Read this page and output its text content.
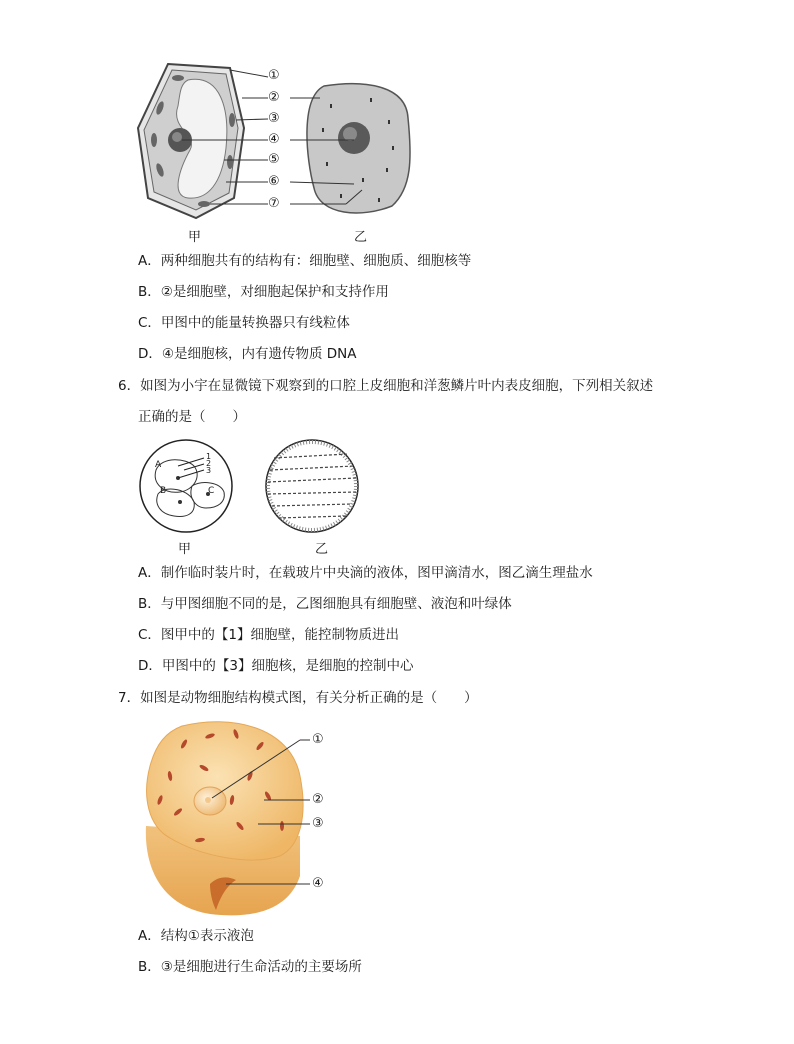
①
②
③
④
⑤
⑥
⑦
甲	乙
A．两种细胞共有的结构有：细胞壁、细胞质、细胞核等
B．②是细胞壁，对细胞起保护和支持作用
C．甲图中的能量转换器只有线粒体
D．④是细胞核，内有遗传物质 DNA
6．如图为小宇在显微镜下观察到的口腔上皮细胞和洋葱鳞片叶内表皮细胞，下列相关叙述
正确的是（　　）
A
B	C
1
2
3
甲	乙
A．制作临时装片时，在载玻片中央滴的液体，图甲滴清水，图乙滴生理盐水
B．与甲图细胞不同的是，乙图细胞具有细胞壁、液泡和叶绿体
C．图甲中的【1】细胞壁，能控制物质进出
D．甲图中的【3】细胞核，是细胞的控制中心
7．如图是动物细胞结构模式图，有关分析正确的是（　　）
①
②
③
④
A．结构①表示液泡
B．③是细胞进行生命活动的主要场所
